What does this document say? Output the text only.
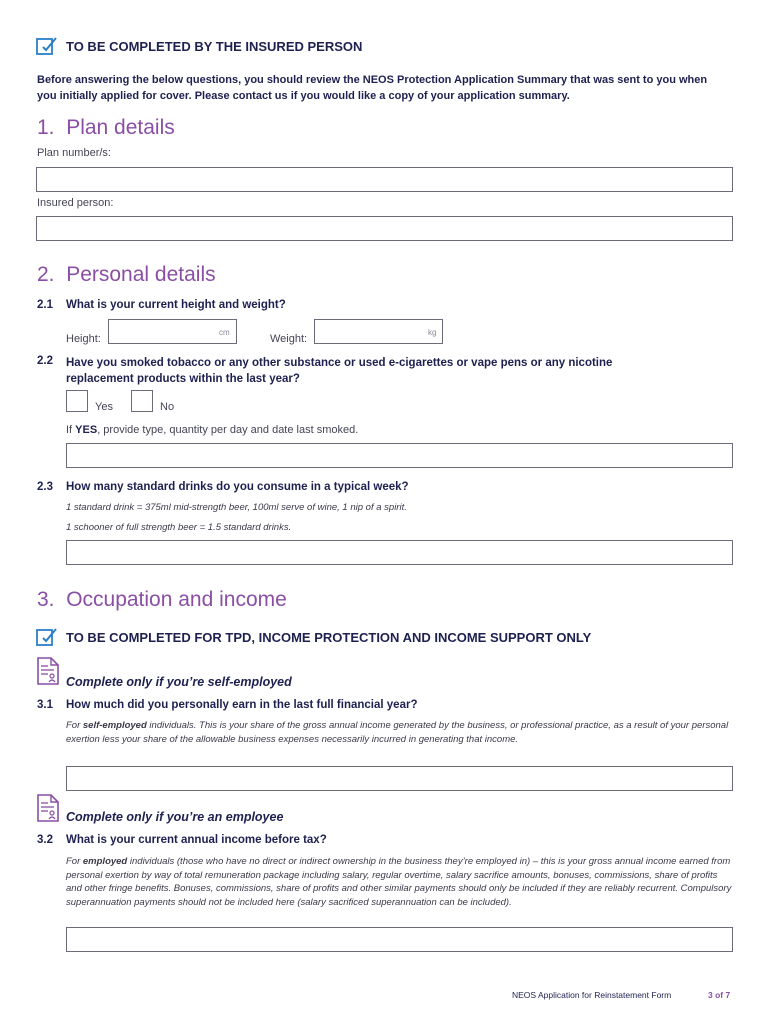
TO BE COMPLETED BY THE INSURED PERSON
Before answering the below questions, you should review the NEOS Protection Application Summary that was sent to you when you initially applied for cover. Please contact us if you would like a copy of your application summary.
1. Plan details
Plan number/s:
Insured person:
2. Personal details
2.1 What is your current height and weight?
Height:
cm
Weight:
kg
2.2 Have you smoked tobacco or any other substance or used e-cigarettes or vape pens or any nicotine
replacement products within the last year?
Yes	No
If YES, provide type, quantity per day and date last smoked.
2.3 How many standard drinks do you consume in a typical week?
1 standard drink = 375ml mid-strength beer, 100ml serve of wine, 1 nip of a spirit.
1 schooner of full strength beer = 1.5 standard drinks.
3. Occupation and income
TO BE COMPLETED FOR TPD, INCOME PROTECTION AND INCOME SUPPORT ONLY
Complete only if you’re self-employed
3.1 How much did you personally earn in the last full financial year?
For self-employed individuals. This is your share of the gross annual income generated by the business, or professional practice, as a result of your personal exertion less your share of the allowable business expenses necessarily incurred in generating that income.
Complete only if you’re an employee
3.2 What is your current annual income before tax?
For employed individuals (those who have no direct or indirect ownership in the business they’re employed in) – this is your gross annual income earned from personal exertion by way of total remuneration package including salary, regular overtime, salary sacrifice amounts, bonuses, commissions, share of profits and other fringe benefits. Bonuses, commissions, share of profits and other similar payments should only be included if they are reliably recurrent. Compulsory superannuation payments should not be included here (salary sacrificed superannuation can be included).
NEOS Application for Reinstatement Form	3 of 7
